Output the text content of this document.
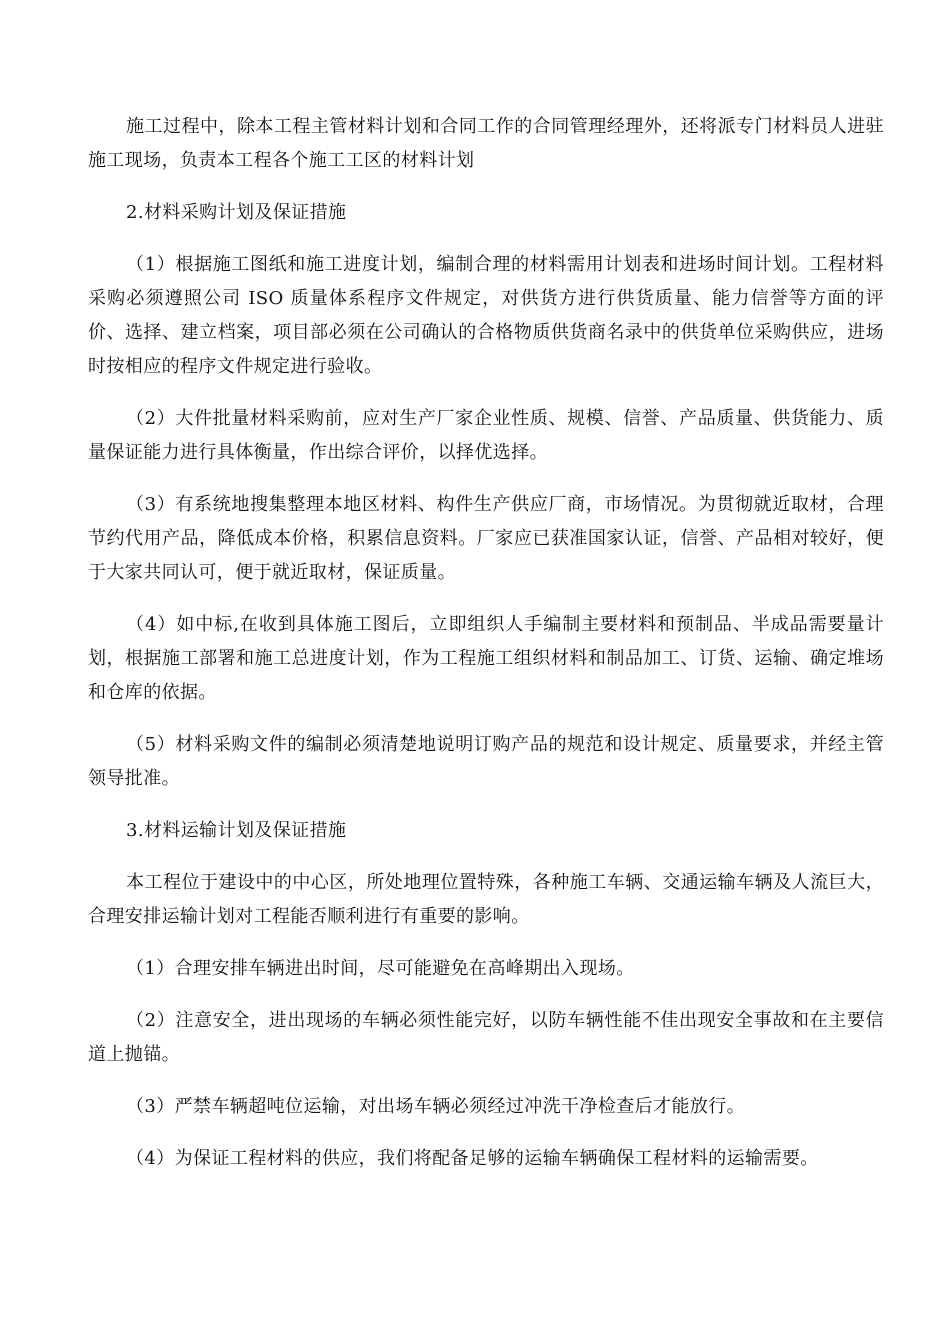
施工过程中，除本工程主管材料计划和合同工作的合同管理经理外，还将派专门材料员人进驻施工现场，负责本工程各个施工工区的材料计划

2.材料采购计划及保证措施

（1）根据施工图纸和施工进度计划，编制合理的材料需用计划表和进场时间计划。工程材料采购必须遵照公司 ISO 质量体系程序文件规定，对供货方进行供货质量、能力信誉等方面的评价、选择、建立档案，项目部必须在公司确认的合格物质供货商名录中的供货单位采购供应，进场时按相应的程序文件规定进行验收。

（2）大件批量材料采购前，应对生产厂家企业性质、规模、信誉、产品质量、供货能力、质量保证能力进行具体衡量，作出综合评价，以择优选择。

（3）有系统地搜集整理本地区材料、构件生产供应厂商，市场情况。为贯彻就近取材，合理节约代用产品，降低成本价格，积累信息资料。厂家应已获准国家认证，信誉、产品相对较好，便于大家共同认可，便于就近取材，保证质量。

（4）如中标,在收到具体施工图后，立即组织人手编制主要材料和预制品、半成品需要量计划，根据施工部署和施工总进度计划，作为工程施工组织材料和制品加工、订货、运输、确定堆场和仓库的依据。

（5）材料采购文件的编制必须清楚地说明订购产品的规范和设计规定、质量要求，并经主管领导批准。

3.材料运输计划及保证措施

本工程位于建设中的中心区，所处地理位置特殊，各种施工车辆、交通运输车辆及人流巨大，合理安排运输计划对工程能否顺利进行有重要的影响。

（1）合理安排车辆进出时间，尽可能避免在高峰期出入现场。

（2）注意安全，进出现场的车辆必须性能完好，以防车辆性能不佳出现安全事故和在主要信道上抛锚。

（3）严禁车辆超吨位运输，对出场车辆必须经过冲洗干净检查后才能放行。

（4）为保证工程材料的供应，我们将配备足够的运输车辆确保工程材料的运输需要。
